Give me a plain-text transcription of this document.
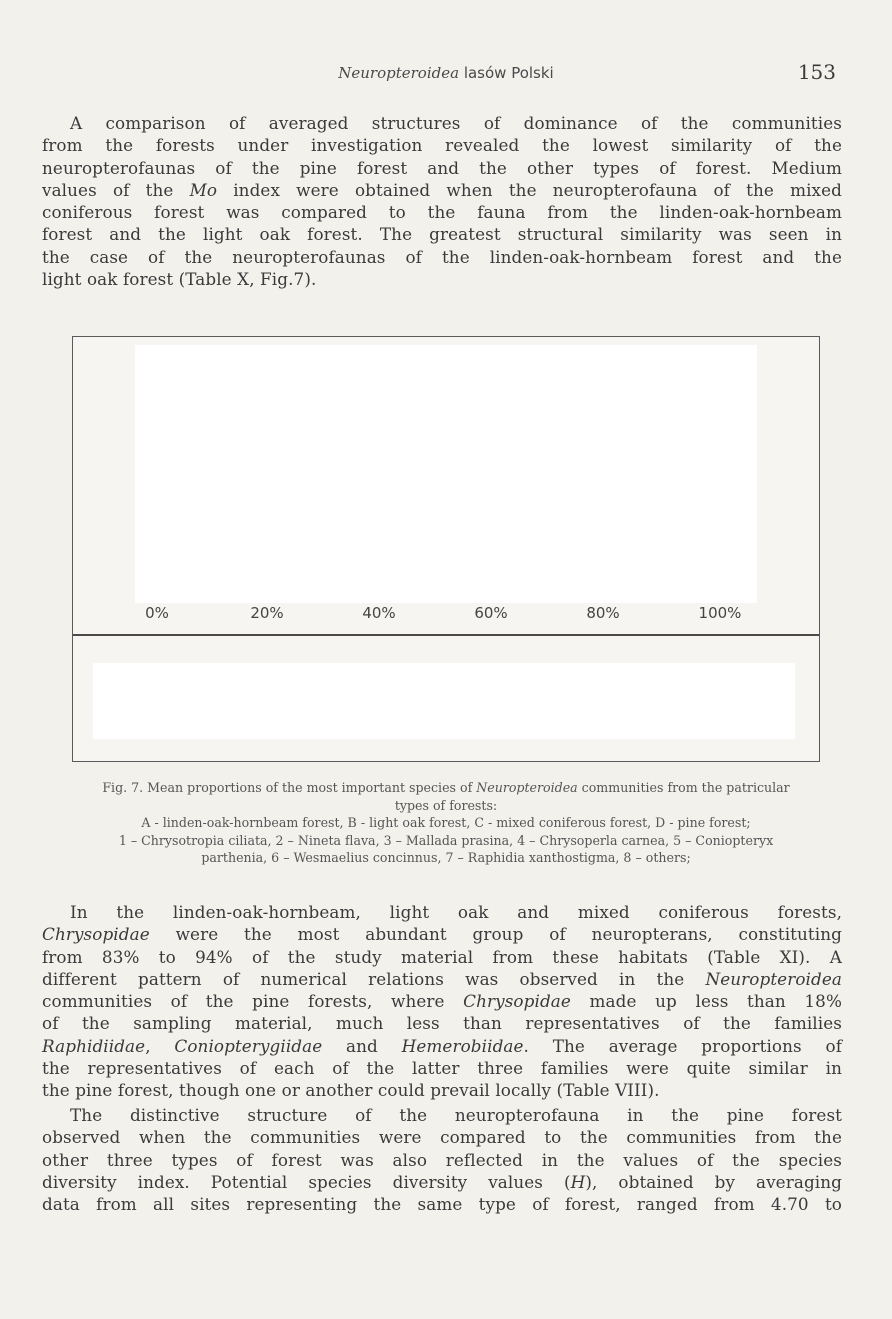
Neuropteroidea lasów Polski	153
A comparison of averaged structures of dominance of the communities
from the forests under investigation revealed the lowest similarity of the
neuropterofaunas of the pine forest and the other types of forest. Medium
values of the Mo index were obtained when the neuropterofauna of the mixed
coniferous forest was compared to the fauna from the linden-oak-hornbeam
forest and the light oak forest. The greatest structural similarity was seen in
the case of the neuropterofaunas of the linden-oak-hornbeam forest and the
light oak forest (Table X, Fig.7).
0%	20%	40%	60%	80%	100%
Fig. 7. Mean proportions of the most important species of Neuropteroidea communities from the patricular
types of forests:
A - linden-oak-hornbeam forest, B - light oak forest, C - mixed coniferous forest, D - pine forest;
1 – Chrysotropia ciliata, 2 – Nineta flava, 3 – Mallada prasina, 4 – Chrysoperla carnea, 5 – Coniopteryx
parthenia, 6 – Wesmaelius concinnus, 7 – Raphidia xanthostigma, 8 – others;
In the linden-oak-hornbeam, light oak and mixed coniferous forests,
Chrysopidae were the most abundant group of neuropterans, constituting
from 83% to 94% of the study material from these habitats (Table XI). A
different pattern of numerical relations was observed in the Neuropteroidea
communities of the pine forests, where Chrysopidae made up less than 18%
of the sampling material, much less than representatives of the families
Raphidiidae, Coniopterygiidae and Hemerobiidae. The average proportions of
the representatives of each of the latter three families were quite similar in
the pine forest, though one or another could prevail locally (Table VIII).
The distinctive structure of the neuropterofauna in the pine forest
observed when the communities were compared to the communities from the
other three types of forest was also reflected in the values of the species
diversity index. Potential species diversity values (H), obtained by averaging
data from all sites representing the same type of forest, ranged from 4.70 to
